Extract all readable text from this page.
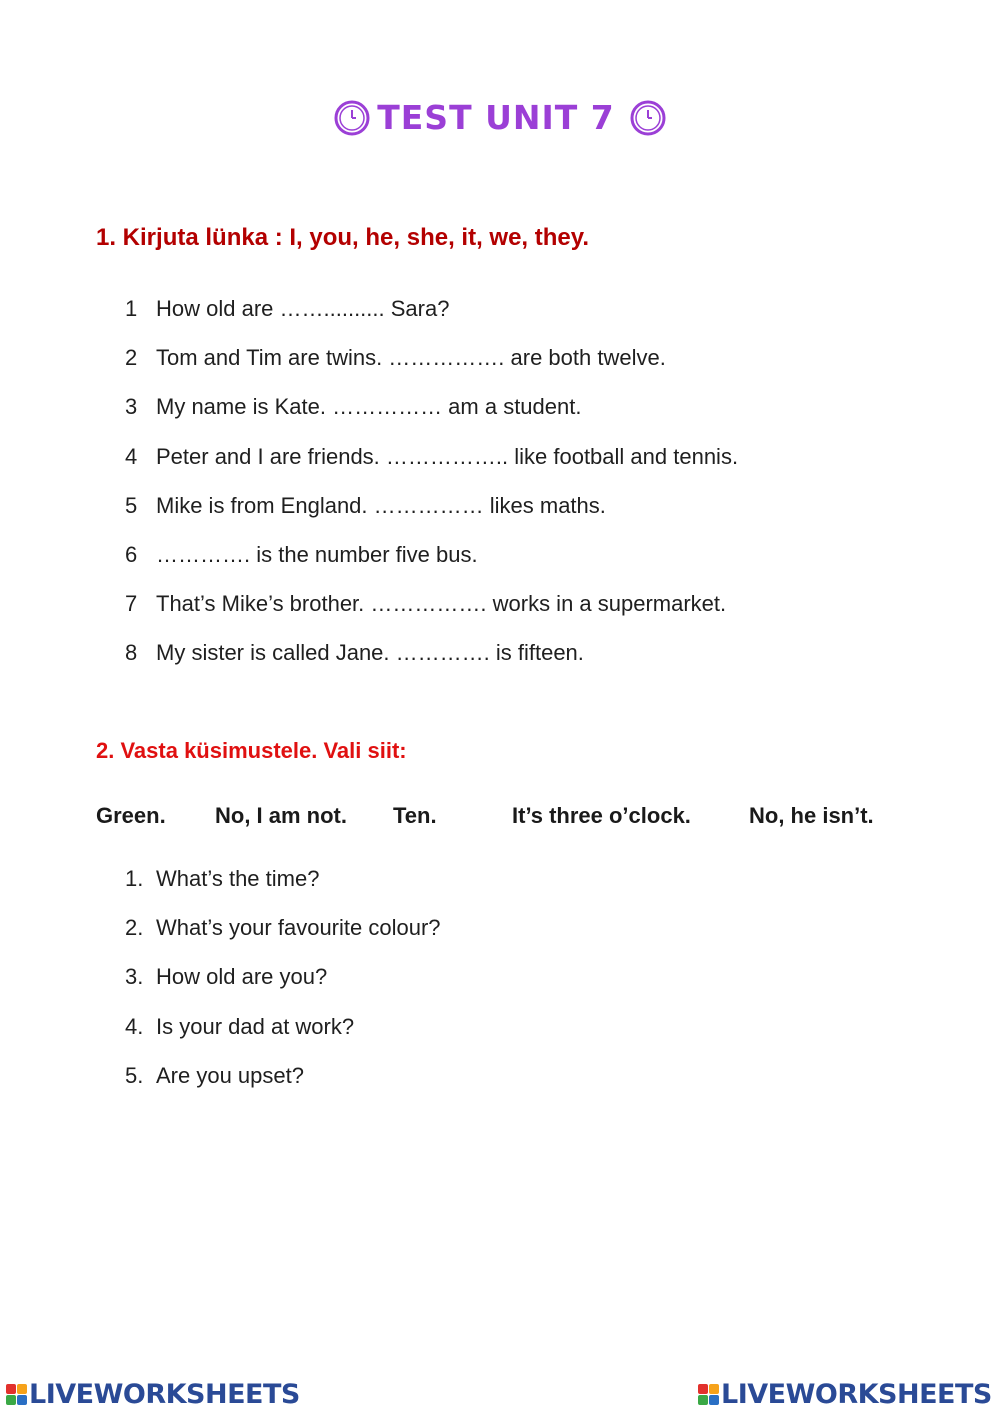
TEST UNIT 7
1. Kirjuta lünka : I, you, he, she, it, we, they.
1 How old are …….......... Sara?
2 Tom and Tim are twins. ……………. are both twelve.
3 My name is Kate. …………… am a student.
4 Peter and I are friends. …………….. like football and tennis.
5 Mike is from England. …………… likes maths.
6 …………. is the number five bus.
7 That’s Mike’s brother. ……………. works in a supermarket.
8 My sister is called Jane. …………. is fifteen.
2. Vasta küsimustele. Vali siit:
Green. No, I am not. Ten.	It’s three o’clock.	No, he isn’t.
1. What’s the time?
2. What’s your favourite colour?
3. How old are you?
4. Is your dad at work?
5. Are you upset?
LIVEWORKSHEETS	LIVEWORKSHEETS
